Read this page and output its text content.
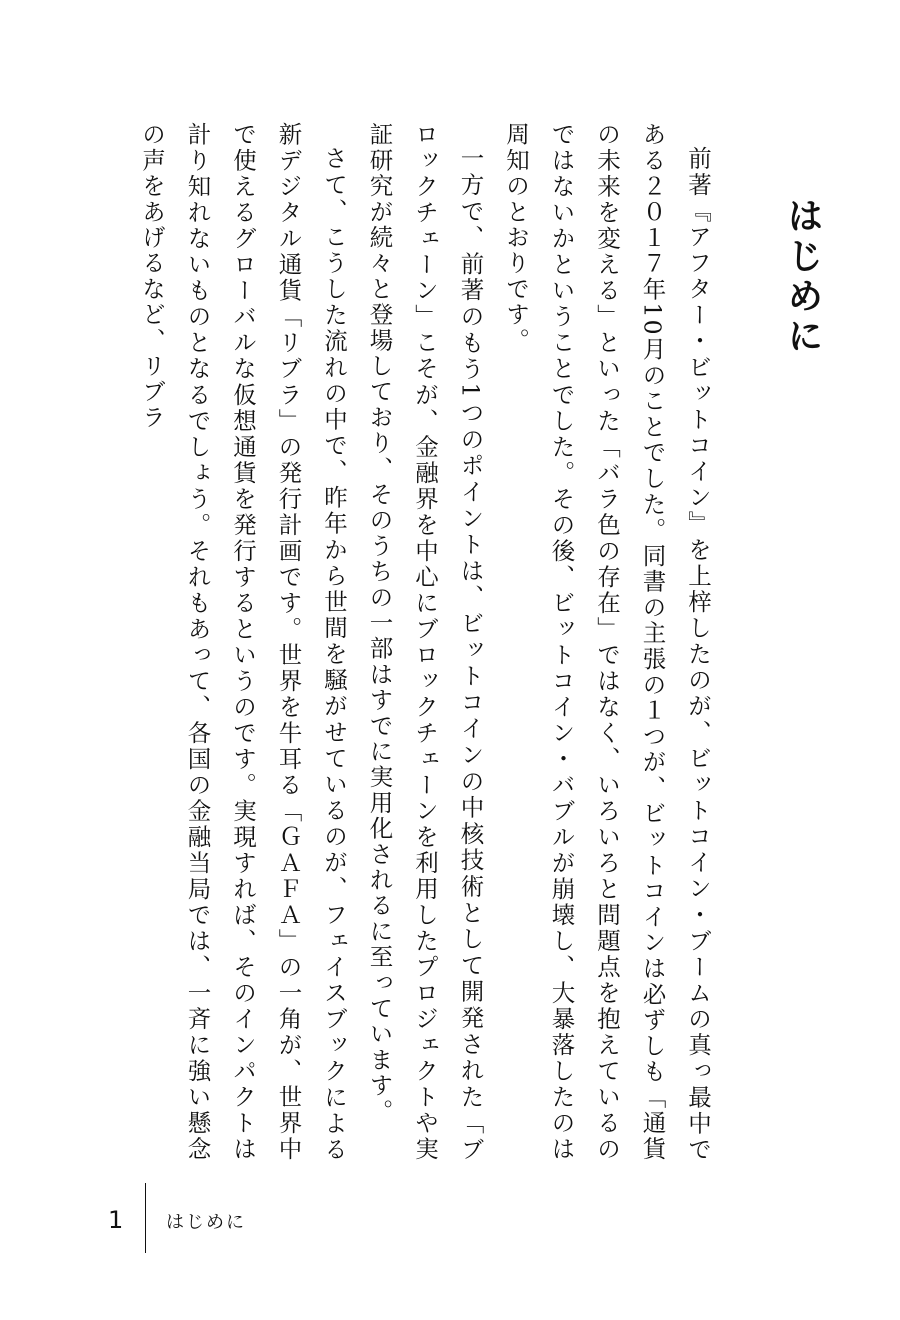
はじめに

前著『アフター・ビットコイン』を上梓したのが、ビットコイン・ブームの真っ最中である２０１７年10月のことでした。同書の主張の１つが、ビットコインは必ずしも「通貨の未来を変える」といった「バラ色の存在」ではなく、いろいろと問題点を抱えているのではないかということでした。その後、ビットコイン・バブルが崩壊し、大暴落したのは周知のとおりです。

一方で、前著のもう1つのポイントは、ビットコインの中核技術として開発された「ブロックチェーン」こそが、金融界を中心にブロックチェーンを利用したプロジェクトや実証研究が続々と登場しており、そのうちの一部はすでに実用化されるに至っています。

さて、こうした流れの中で、昨年から世間を騒がせているのが、フェイスブックによる新デジタル通貨「リブラ」の発行計画です。世界を牛耳る「ＧＡＦＡ」の一角が、世界中で使えるグローバルな仮想通貨を発行するというのです。実現すれば、そのインパクトは計り知れないものとなるでしょう。それもあって、各国の金融当局では、一斉に強い懸念の声をあげるなど、リブラ

1 はじめに
